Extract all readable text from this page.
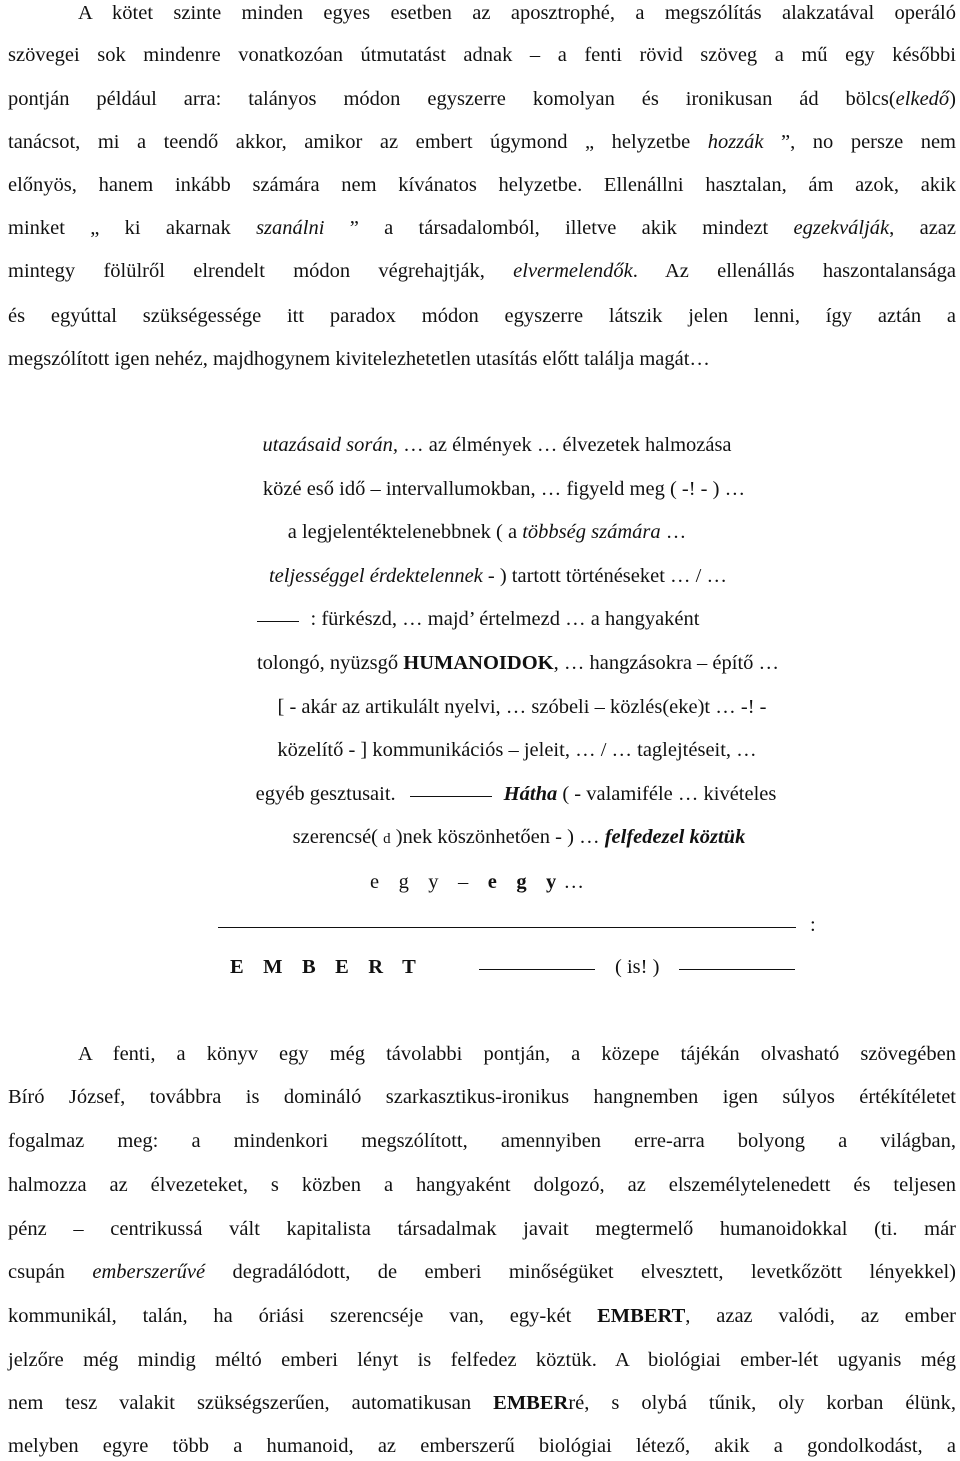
A kötet szinte minden egyes esetben az aposztrophé, a megszólítás alakzatával operáló
szövegei sok mindenre vonatkozóan útmutatást adnak – a fenti rövid szöveg a mű egy későbbi
pontján például arra: talányos módon egyszerre komolyan és ironikusan ád bölcs(elkedő)
tanácsot, mi a teendő akkor, amikor az embert úgymond „ helyzetbe hozzák ”, no persze nem
előnyös, hanem inkább számára nem kívánatos helyzetbe. Ellenállni hasztalan, ám azok, akik
minket „ ki akarnak szanálni ” a társadalomból, illetve akik mindezt egzekválják, azaz
mintegy fölülről elrendelt módon végrehajtják, elvermelendők. Az ellenállás haszontalansága
és egyúttal szükségessége itt paradox módon egyszerre látszik jelen lenni, így aztán a
megszólított igen nehéz, majdhogynem kivitelezhetetlen utasítás előtt találja magát…
utazásaid során, … az élmények … élvezetek halmozása
közé eső idő – intervallumokban, … figyeld meg ( -! - ) …
a legjelentéktelenebbnek ( a többség számára …
teljességgel érdektelennek - ) tartott történéseket … / …
: fürkészd, … majd’ értelmezd … a hangyaként
tolongó, nyüzsgő HUMANOIDOK, … hangzásokra – építő …
[ - akár az artikulált nyelvi, … szóbeli – közlés(eke)t … -! -
közelítő - ] kommunikációs – jeleit, … / … taglejtéseit, …
egyéb gesztusait.	Hátha ( - valamiféle … kivételes
szerencsé( d )nek köszönhetően - ) … felfedezel köztük
e g y – e g y…
:
E M B E R T	( is! )
A fenti, a könyv egy még távolabbi pontján, a közepe tájékán olvasható szövegében
Bíró József, továbbra is domináló szarkasztikus-ironikus hangnemben igen súlyos értékítéletet
fogalmaz meg: a mindenkori megszólított, amennyiben erre-arra bolyong a világban,
halmozza az élvezeteket, s közben a hangyaként dolgozó, az elszemélytelenedett és teljesen
pénz – centrikussá vált kapitalista társadalmak javait megtermelő humanoidokkal (ti. már
csupán emberszerűvé degradálódott, de emberi minőségüket elvesztett, levetkőzött lényekkel)
kommunikál, talán, ha óriási szerencséje van, egy-két EMBERT, azaz valódi, az ember
jelzőre még mindig méltó emberi lényt is felfedez köztük. A biológiai ember-lét ugyanis még
nem tesz valakit szükségszerűen, automatikusan EMBERré, s olybá tűnik, oly korban élünk,
melyben egyre több a humanoid, az emberszerű biológiai létező, akik a gondolkodást, a
